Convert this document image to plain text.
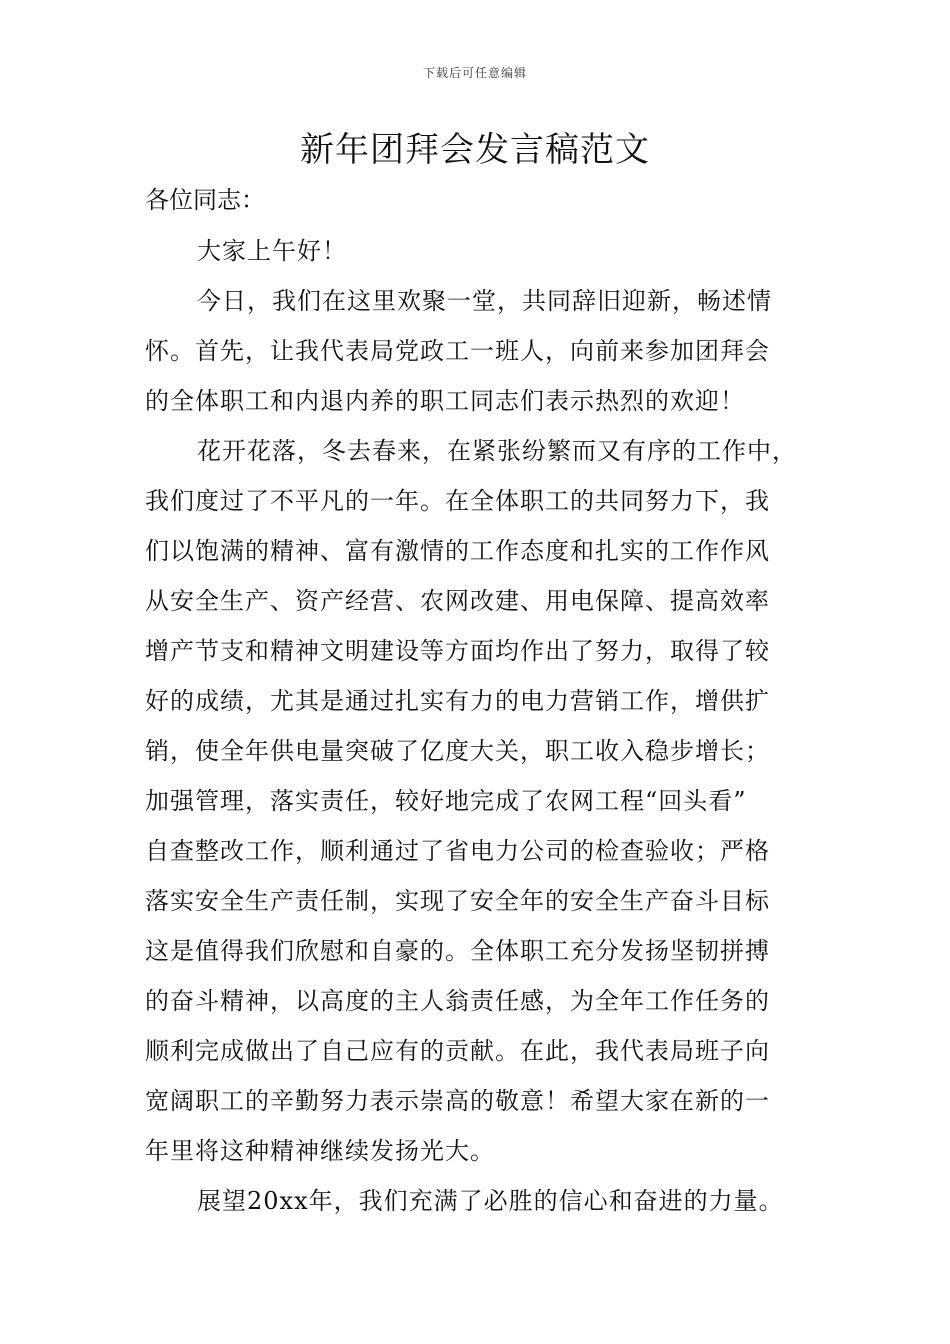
下载后可任意编辑
新年团拜会发言稿范文

各位同志：

大家上午好！
今日，我们在这里欢聚一堂，共同辞旧迎新，畅述情
怀。首先，让我代表局党政工一班人，向前来参加团拜会
的全体职工和内退内养的职工同志们表示热烈的欢迎！
花开花落，冬去春来，在紧张纷繁而又有序的工作中，
我们度过了不平凡的一年。在全体职工的共同努力下，我
们以饱满的精神、富有激情的工作态度和扎实的工作作风
从安全生产、资产经营、农网改建、用电保障、提高效率
增产节支和精神文明建设等方面均作出了努力，取得了较
好的成绩，尤其是通过扎实有力的电力营销工作，增供扩
销，使全年供电量突破了亿度大关，职工收入稳步增长；
加强管理，落实责任，较好地完成了农网工程“回头看”
自查整改工作，顺利通过了省电力公司的检查验收；严格
落实安全生产责任制，实现了安全年的安全生产奋斗目标
这是值得我们欣慰和自豪的。全体职工充分发扬坚韧拼搏
的奋斗精神，以高度的主人翁责任感，为全年工作任务的
顺利完成做出了自己应有的贡献。在此，我代表局班子向
宽阔职工的辛勤努力表示崇高的敬意！希望大家在新的一
年里将这种精神继续发扬光大。
展望20xx年，我们充满了必胜的信心和奋进的力量。
